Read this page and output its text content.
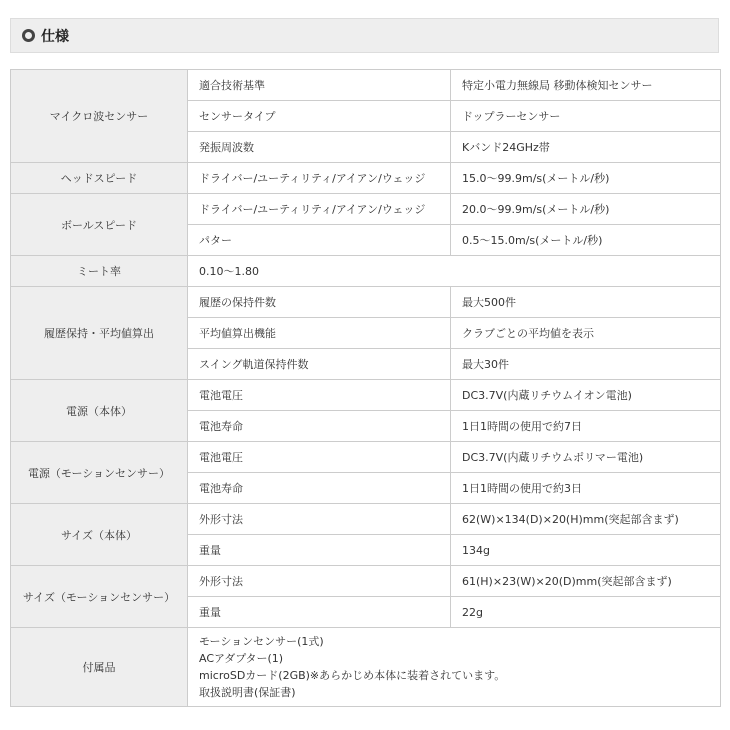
仕様
マイクロ波センサー	適合技術基準	特定小電力無線局 移動体検知センサー
	センサータイプ	ドップラーセンサー
	発振周波数	Kバンド24GHz帯
ヘッドスピード	ドライバー/ユーティリティ/アイアン/ウェッジ	15.0～99.9m/s(メートル/秒)
ボールスピード	ドライバー/ユーティリティ/アイアン/ウェッジ	20.0～99.9m/s(メートル/秒)
	パター	0.5～15.0m/s(メートル/秒)
ミート率	0.10～1.80	
履歴保持・平均値算出	履歴の保持件数	最大500件
	平均値算出機能	クラブごとの平均値を表示
	スイング軌道保持件数	最大30件
電源（本体）	電池電圧	DC3.7V(内蔵リチウムイオン電池)
	電池寿命	1日1時間の使用で約7日
電源（モーションセンサー）	電池電圧	DC3.7V(内蔵リチウムポリマー電池)
	電池寿命	1日1時間の使用で約3日
サイズ（本体）	外形寸法	62(W)×134(D)×20(H)mm(突起部含まず)
	重量	134g
サイズ（モーションセンサー）	外形寸法	61(H)×23(W)×20(D)mm(突起部含まず)
	重量	22g
付属品	モーションセンサー(1式)
ACアダプター(1)
microSDカード(2GB)※あらかじめ本体に装着されています。
取扱説明書(保証書)	
